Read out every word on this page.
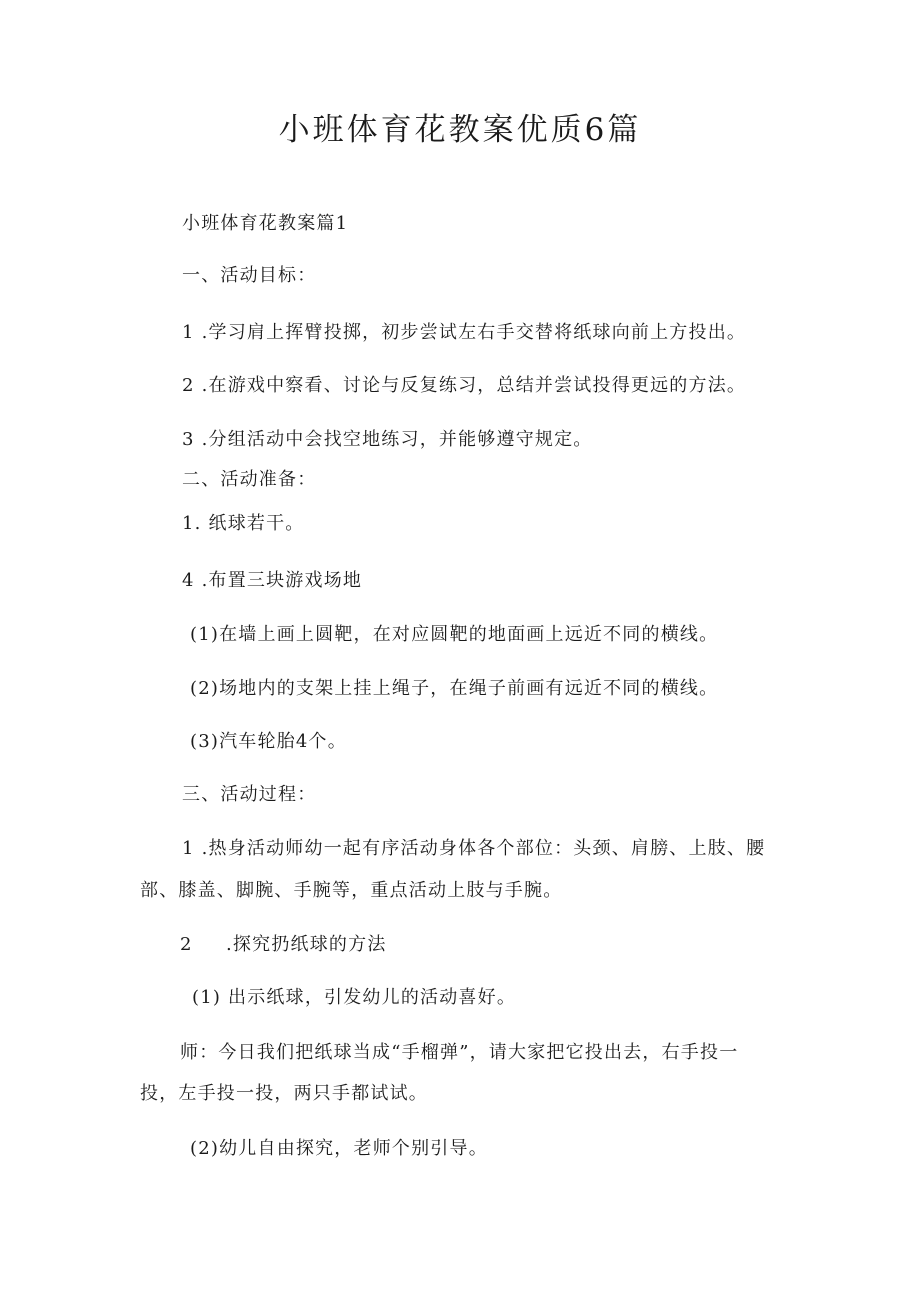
小班体育花教案优质6篇
小班体育花教案篇1
一、活动目标：
1 .学习肩上挥臂投掷，初步尝试左右手交替将纸球向前上方投出。
2 .在游戏中察看、讨论与反复练习，总结并尝试投得更远的方法。
3 .分组活动中会找空地练习，并能够遵守规定。
二、活动准备：
1. 纸球若干。
4 .布置三块游戏场地
(1)在墙上画上圆靶，在对应圆靶的地面画上远近不同的横线。
(2)场地内的支架上挂上绳子，在绳子前画有远近不同的横线。
(3)汽车轮胎4个。
三、活动过程：
1 .热身活动师幼一起有序活动身体各个部位：头颈、肩膀、上肢、腰
部、膝盖、脚腕、手腕等，重点活动上肢与手腕。
2 .探究扔纸球的方法
(1) 出示纸球，引发幼儿的活动喜好。
师：今日我们把纸球当成“手榴弹”，请大家把它投出去，右手投一
投，左手投一投，两只手都试试。
(2)幼儿自由探究，老师个别引导。
